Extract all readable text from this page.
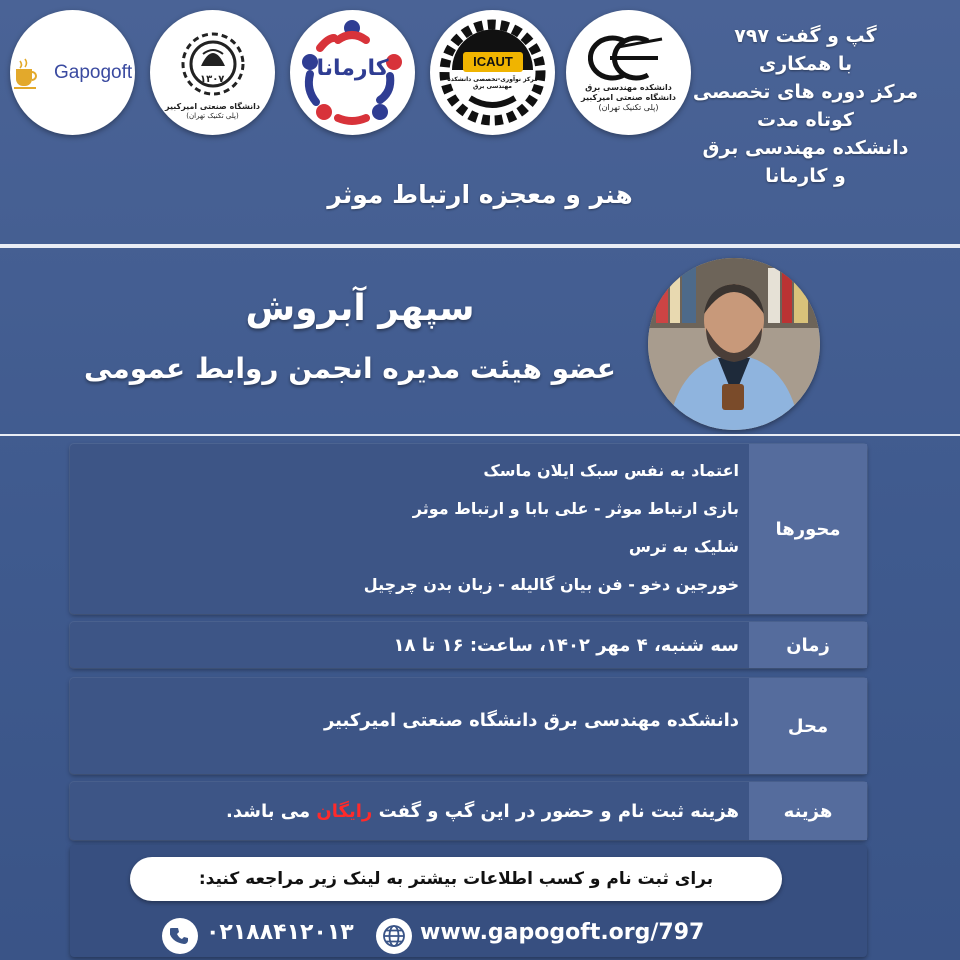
Gapogoft	۱۳۰۷
دانشگاه صنعتی امیرکبیر
(پلی تکنیک تهران)
کارمانا	ICAUT
مرکز نوآوری-تخصصی دانشکده مهندسی برق	دانشکده مهندسی برق
دانشگاه صنعتی امیرکبیر
(پلی تکنیک تهران)
گپ و گفت ۷۹۷
با همکاری
مرکز دوره های تخصصی کوتاه مدت
دانشکده مهندسی برق
و کارمانا
هنر و معجزه ارتباط موثر
سپهر آبروش
عضو هیئت مدیره انجمن روابط عمومی
محورها
اعتماد به نفس سبک ایلان ماسک
بازی ارتباط موثر - علی بابا و ارتباط موثر
شلیک به ترس
خورجین دخو - فن بیان گالیله - زبان بدن چرچیل
زمان
سه شنبه، ۴ مهر ۱۴۰۲، ساعت: ۱۶ تا ۱۸
محل
دانشکده مهندسی برق دانشگاه صنعتی امیرکبیر
هزینه
هزینه ثبت نام و حضور در این گپ و گفت

رایگان

می باشد.
برای ثبت نام و کسب اطلاعات بیشتر به لینک زیر مراجعه کنید:
۰۲۱۸۸۴۱۲۰۱۳	www.gapogoft.org/797
